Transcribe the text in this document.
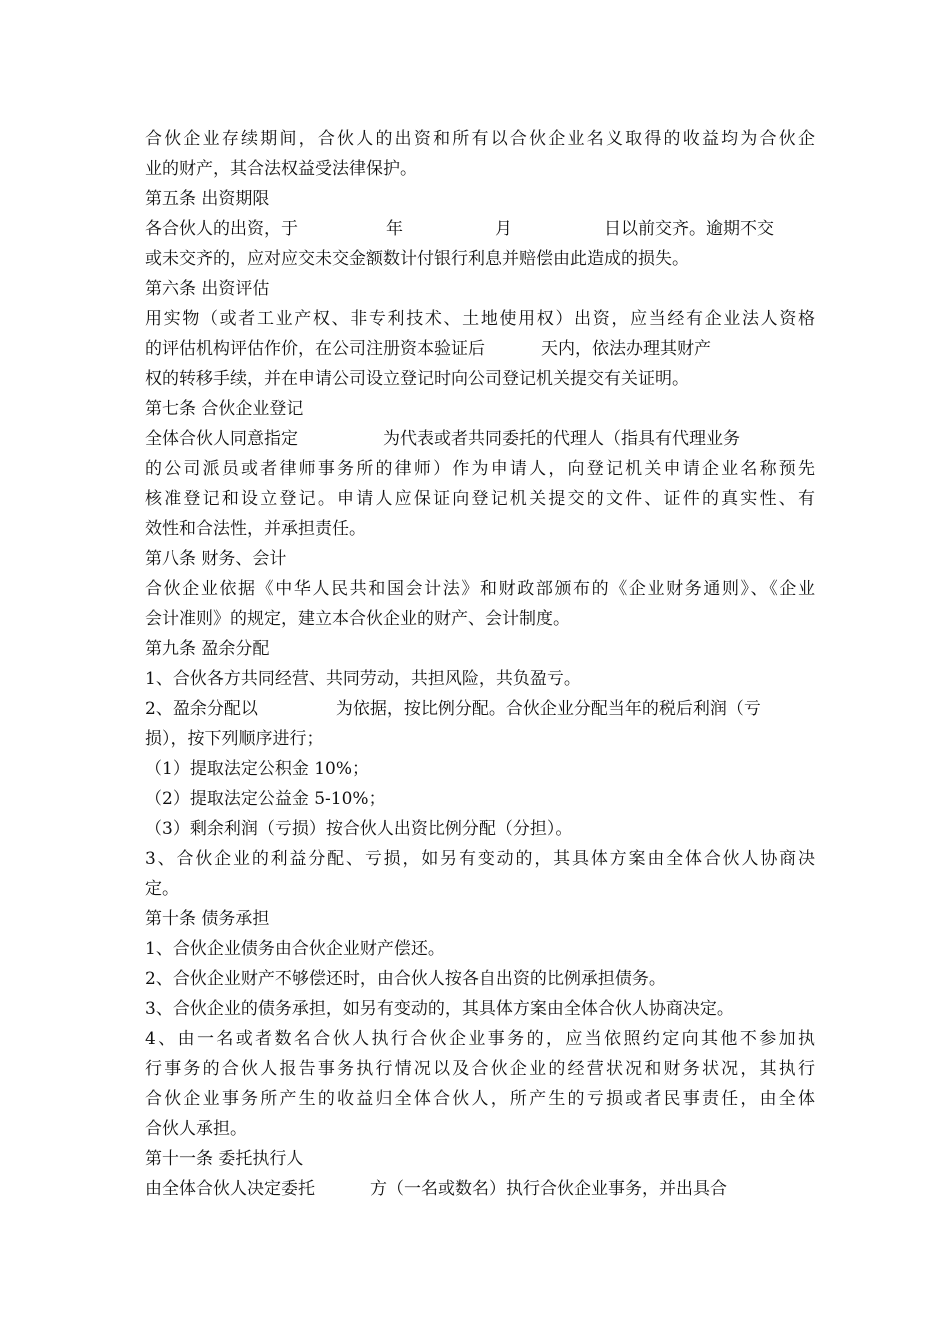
合伙企业存续期间，合伙人的出资和所有以合伙企业名义取得的收益均为合伙企
业的财产，其合法权益受法律保护。
第五条 出资期限
各合伙人的出资，于	年	月	日以前交齐。逾期不交
或未交齐的，应对应交未交金额数计付银行利息并赔偿由此造成的损失。
第六条 出资评估
用实物（或者工业产权、非专利技术、土地使用权）出资，应当经有企业法人资格
的评估机构评估作价，在公司注册资本验证后	天内，依法办理其财产
权的转移手续，并在申请公司设立登记时向公司登记机关提交有关证明。
第七条 合伙企业登记
全体合伙人同意指定	为代表或者共同委托的代理人（指具有代理业务
的公司派员或者律师事务所的律师）作为申请人，向登记机关申请企业名称预先
核准登记和设立登记。申请人应保证向登记机关提交的文件、证件的真实性、有
效性和合法性，并承担责任。
第八条 财务、会计
合伙企业依据《中华人民共和国会计法》和财政部颁布的《企业财务通则》、《企业
会计准则》的规定，建立本合伙企业的财产、会计制度。
第九条 盈余分配
1、合伙各方共同经营、共同劳动，共担风险，共负盈亏。
2、盈余分配以	为依据，按比例分配。合伙企业分配当年的税后利润（亏
损），按下列顺序进行；
（1）提取法定公积金 10%；
（2）提取法定公益金 5-10%；
（3）剩余利润（亏损）按合伙人出资比例分配（分担）。
3、合伙企业的利益分配、亏损，如另有变动的，其具体方案由全体合伙人协商决
定。
第十条 债务承担
1、合伙企业债务由合伙企业财产偿还。
2、合伙企业财产不够偿还时，由合伙人按各自出资的比例承担债务。
3、合伙企业的债务承担，如另有变动的，其具体方案由全体合伙人协商决定。
4、由一名或者数名合伙人执行合伙企业事务的，应当依照约定向其他不参加执
行事务的合伙人报告事务执行情况以及合伙企业的经营状况和财务状况，其执行
合伙企业事务所产生的收益归全体合伙人，所产生的亏损或者民事责任，由全体
合伙人承担。
第十一条 委托执行人
由全体合伙人决定委托	方（一名或数名）执行合伙企业事务，并出具合
